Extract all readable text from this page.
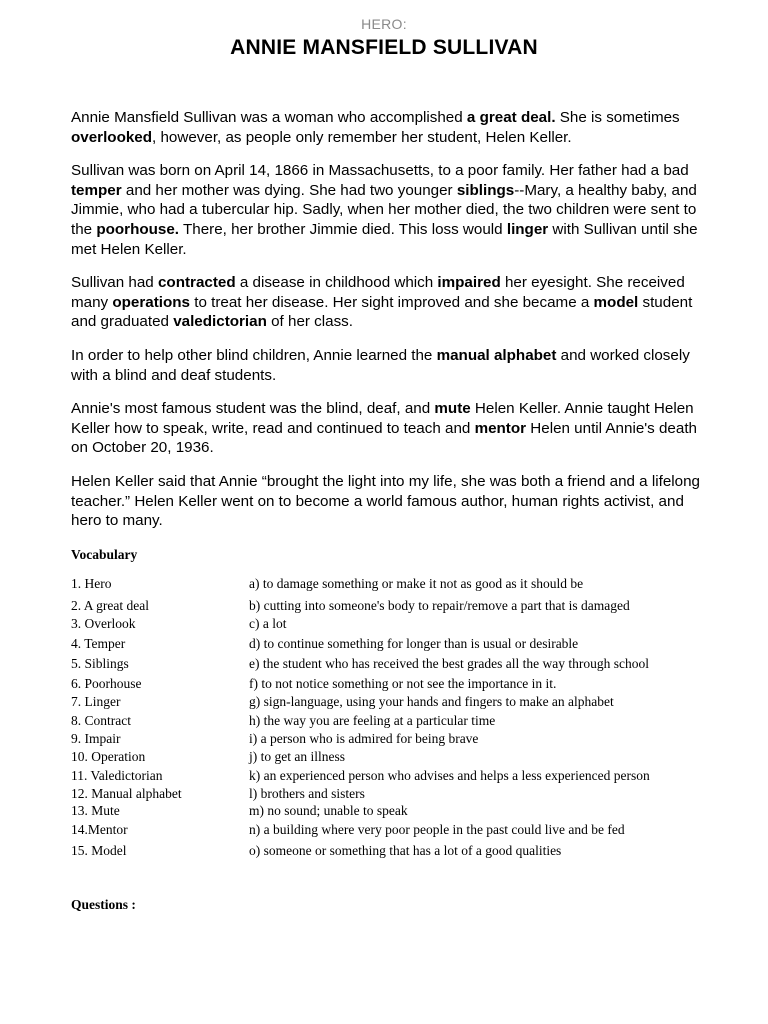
HERO:
ANNIE MANSFIELD SULLIVAN

Annie Mansfield Sullivan was a woman who accomplished a great deal. She is sometimes overlooked, however, as people only remember her student, Helen Keller.

Sullivan was born on April 14, 1866 in Massachusetts, to a poor family. Her father had a bad temper and her mother was dying. She had two younger siblings--Mary, a healthy baby, and Jimmie, who had a tubercular hip. Sadly, when her mother died, the two children were sent to the poorhouse. There, her brother Jimmie died. This loss would linger with Sullivan until she met Helen Keller.

Sullivan had contracted a disease in childhood which impaired her eyesight. She received many operations to treat her disease. Her sight improved and she became a model student and graduated valedictorian of her class.

In order to help other blind children, Annie learned the manual alphabet and worked closely with a blind and deaf students.

Annie's most famous student was the blind, deaf, and mute Helen Keller. Annie taught Helen Keller how to speak, write, read and continued to teach and mentor Helen until Annie's death on October 20, 1936.

Helen Keller said that Annie “brought the light into my life, she was both a friend and a lifelong teacher.” Helen Keller went on to become a world famous author, human rights activist, and hero to many.

Vocabulary
1. Hero	a) to damage something or make it not as good as it should be
2. A great deal	b) cutting into someone's body to repair/remove a part that is damaged
3. Overlook	c) a lot
4. Temper	d) to continue something for longer than is usual or desirable
5. Siblings	e) the student who has received the best grades all the way through school
6. Poorhouse	f) to not notice something or not see the importance in it.
7. Linger	g) sign-language, using your hands and fingers to make an alphabet
8. Contract	h) the way you are feeling at a particular time
9. Impair	i) a person who is admired for being brave
10. Operation	j) to get an illness
11. Valedictorian	k) an experienced person who advises and helps a less experienced person
12. Manual alphabet	l) brothers and sisters
13. Mute	m) no sound; unable to speak
14.Mentor	n) a building where very poor people in the past could live and be fed
15. Model	o) someone or something that has a lot of a good qualities
Questions :
